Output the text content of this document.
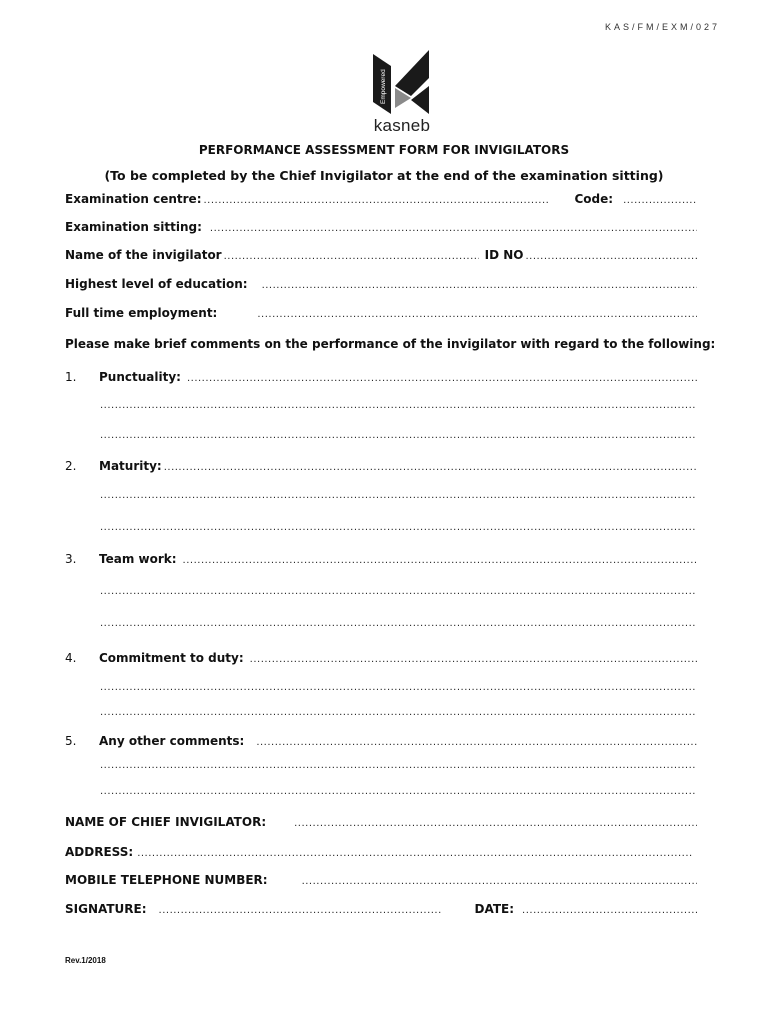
KAS/FM/EXM/027
Empowered
kasneb
PERFORMANCE ASSESSMENT FORM FOR INVIGILATORS
(To be completed by the Chief Invigilator at the end of the examination sitting)
Examination centre: .....	Code:
.....
Examination sitting:
.....
Name of the invigilator .....	ID NO
.....
Highest level of education:
.....
Full time employment:
.....
Please make brief comments on the performance of the invigilator with regard to the following:
1.	Punctuality:
.....
.....
.....
2.	Maturity:
.....
.....
.....
3.	Team work:
.....
.....
.....
4.	Commitment to duty:
.....
.....
.....
5.	Any other comments:
.....
.....
.....
NAME OF CHIEF INVIGILATOR:
.....
ADDRESS:
.....
MOBILE TELEPHONE NUMBER:
.....
SIGNATURE: .....	DATE:
.....
Rev.1/2018
